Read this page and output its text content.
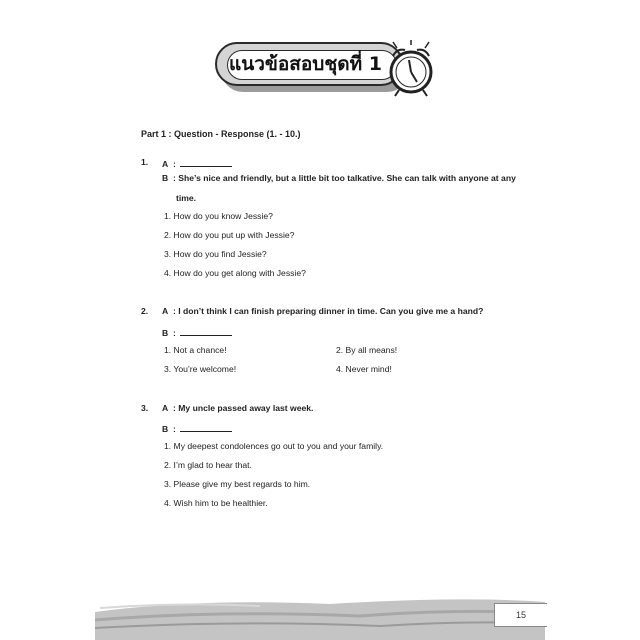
แนวข้อสอบชุดที่ 1
Part 1 : Question - Response (1. - 10.)
1. A  :
B  : She’s nice and friendly, but a little bit too talkative. She can talk with anyone at any
time.
1. How do you know Jessie?
2. How do you put up with Jessie?
3. How do you find Jessie?
4. How do you get along with Jessie?
2. A  : I don’t think I can finish preparing dinner in time. Can you give me a hand?
B  :
1. Not a chance!	2. By all means!
3. You’re welcome!	4. Never mind!
3. A  : My uncle passed away last week.
B  :
1. My deepest condolences go out to you and your family.
2. I’m glad to hear that.
3. Please give my best regards to him.
4. Wish him to be healthier.
15
